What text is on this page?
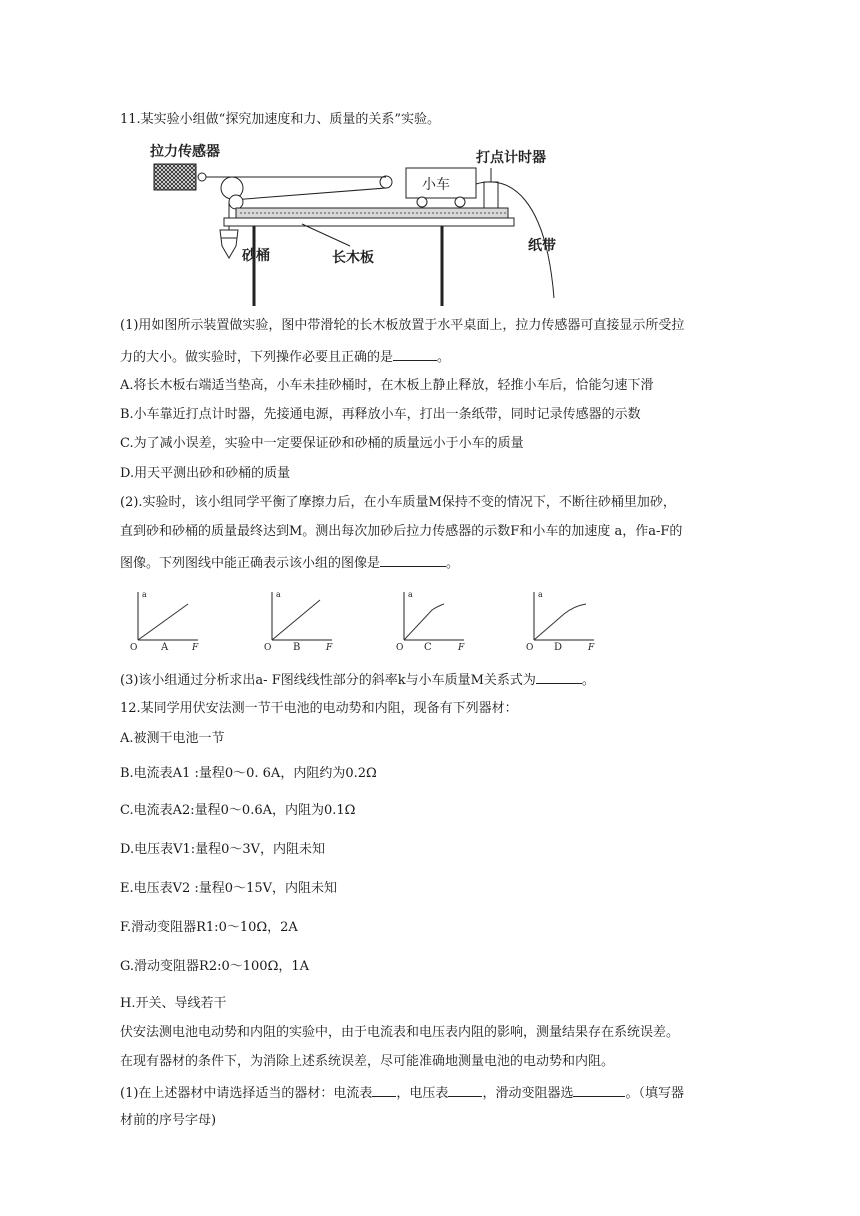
11.某实验小组做“探究加速度和力、质量的关系”实验。
拉力传感器
砂桶
小车
打点计时器
纸带
长木板
(1)用如图所示装置做实验，图中带滑轮的长木板放置于水平桌面上，拉力传感器可直接显示所受拉
力的大小。做实验时，下列操作必要且正确的是	。
A.将长木板右端适当垫高，小车未挂砂桶时，在木板上静止释放，轻推小车后，恰能匀速下滑
B.小车靠近打点计时器，先接通电源，再释放小车，打出一条纸带，同时记录传感器的示数
C.为了减小误差，实验中一定要保证砂和砂桶的质量远小于小车的质量
D.用天平测出砂和砂桶的质量
(2).实验时，该小组同学平衡了摩擦力后，在小车质量M保持不变的情况下，不断往砂桶里加砂，
直到砂和砂桶的质量最终达到M。测出每次加砂后拉力传感器的示数F和小车的加速度 a，作a-F的
图像。下列图线中能正确表示该小组的图像是	。
a
O	F
A
a
O	F
B
a
O	F
C
a
O	F
D
(3)该小组通过分析求出a- F图线线性部分的斜率k与小车质量M关系式为	。
12.某同学用伏安法测一节干电池的电动势和内阻，现备有下列器材：
A.被测干电池一节
B.电流表A1 :量程0～0. 6A，内阻约为0.2Ω
C.电流表A2:量程0～0.6A，内阻为0.1Ω
D.电压表V1:量程0～3V，内阻未知
E.电压表V2 :量程0～15V，内阻未知
F.滑动变阻器R1:0～10Ω，2A
G.滑动变阻器R2:0～100Ω，1A
H.开关、导线若干
伏安法测电池电动势和内阻的实验中，由于电流表和电压表内阻的影响，测量结果存在系统误差。
在现有器材的条件下，为消除上述系统误差，尽可能准确地测量电池的电动势和内阻。
(1)在上述器材中请选择适当的器材：电流表 ，电压表	，滑动变阻器选	。（填写器
材前的序号字母)
